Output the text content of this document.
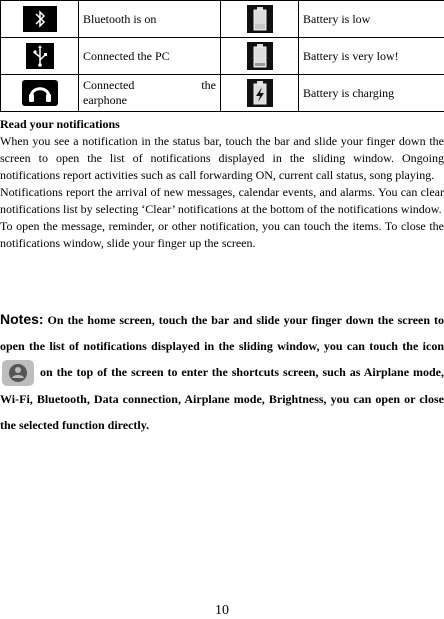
	Bluetooth is on		Battery is low

	Connected the PC		Battery is very low!

Connected the
earphone		Battery is charging

Read your notifications

When you see a notification in the status bar, touch the bar and slide your finger down the screen to open the list of notifications displayed in the sliding window. Ongoing notifications report activities such as call forwarding ON, current call status, song playing.

Notifications report the arrival of new messages, calendar events, and alarms. You can clear notifications list by selecting ‘Clear’ notifications at the bottom of the notifications window.

To open the message, reminder, or other notification, you can touch the items. To close the notifications window, slide your finger up the screen.

Notes: On the home screen, touch the bar and slide your finger down the screen to open the list of notifications displayed in the sliding window, you can touch the icon
on the top of the screen to enter the shortcuts screen, such as Airplane mode, Wi-Fi, Bluetooth, Data connection, Airplane mode, Brightness, you can open or close the selected function directly.
10
